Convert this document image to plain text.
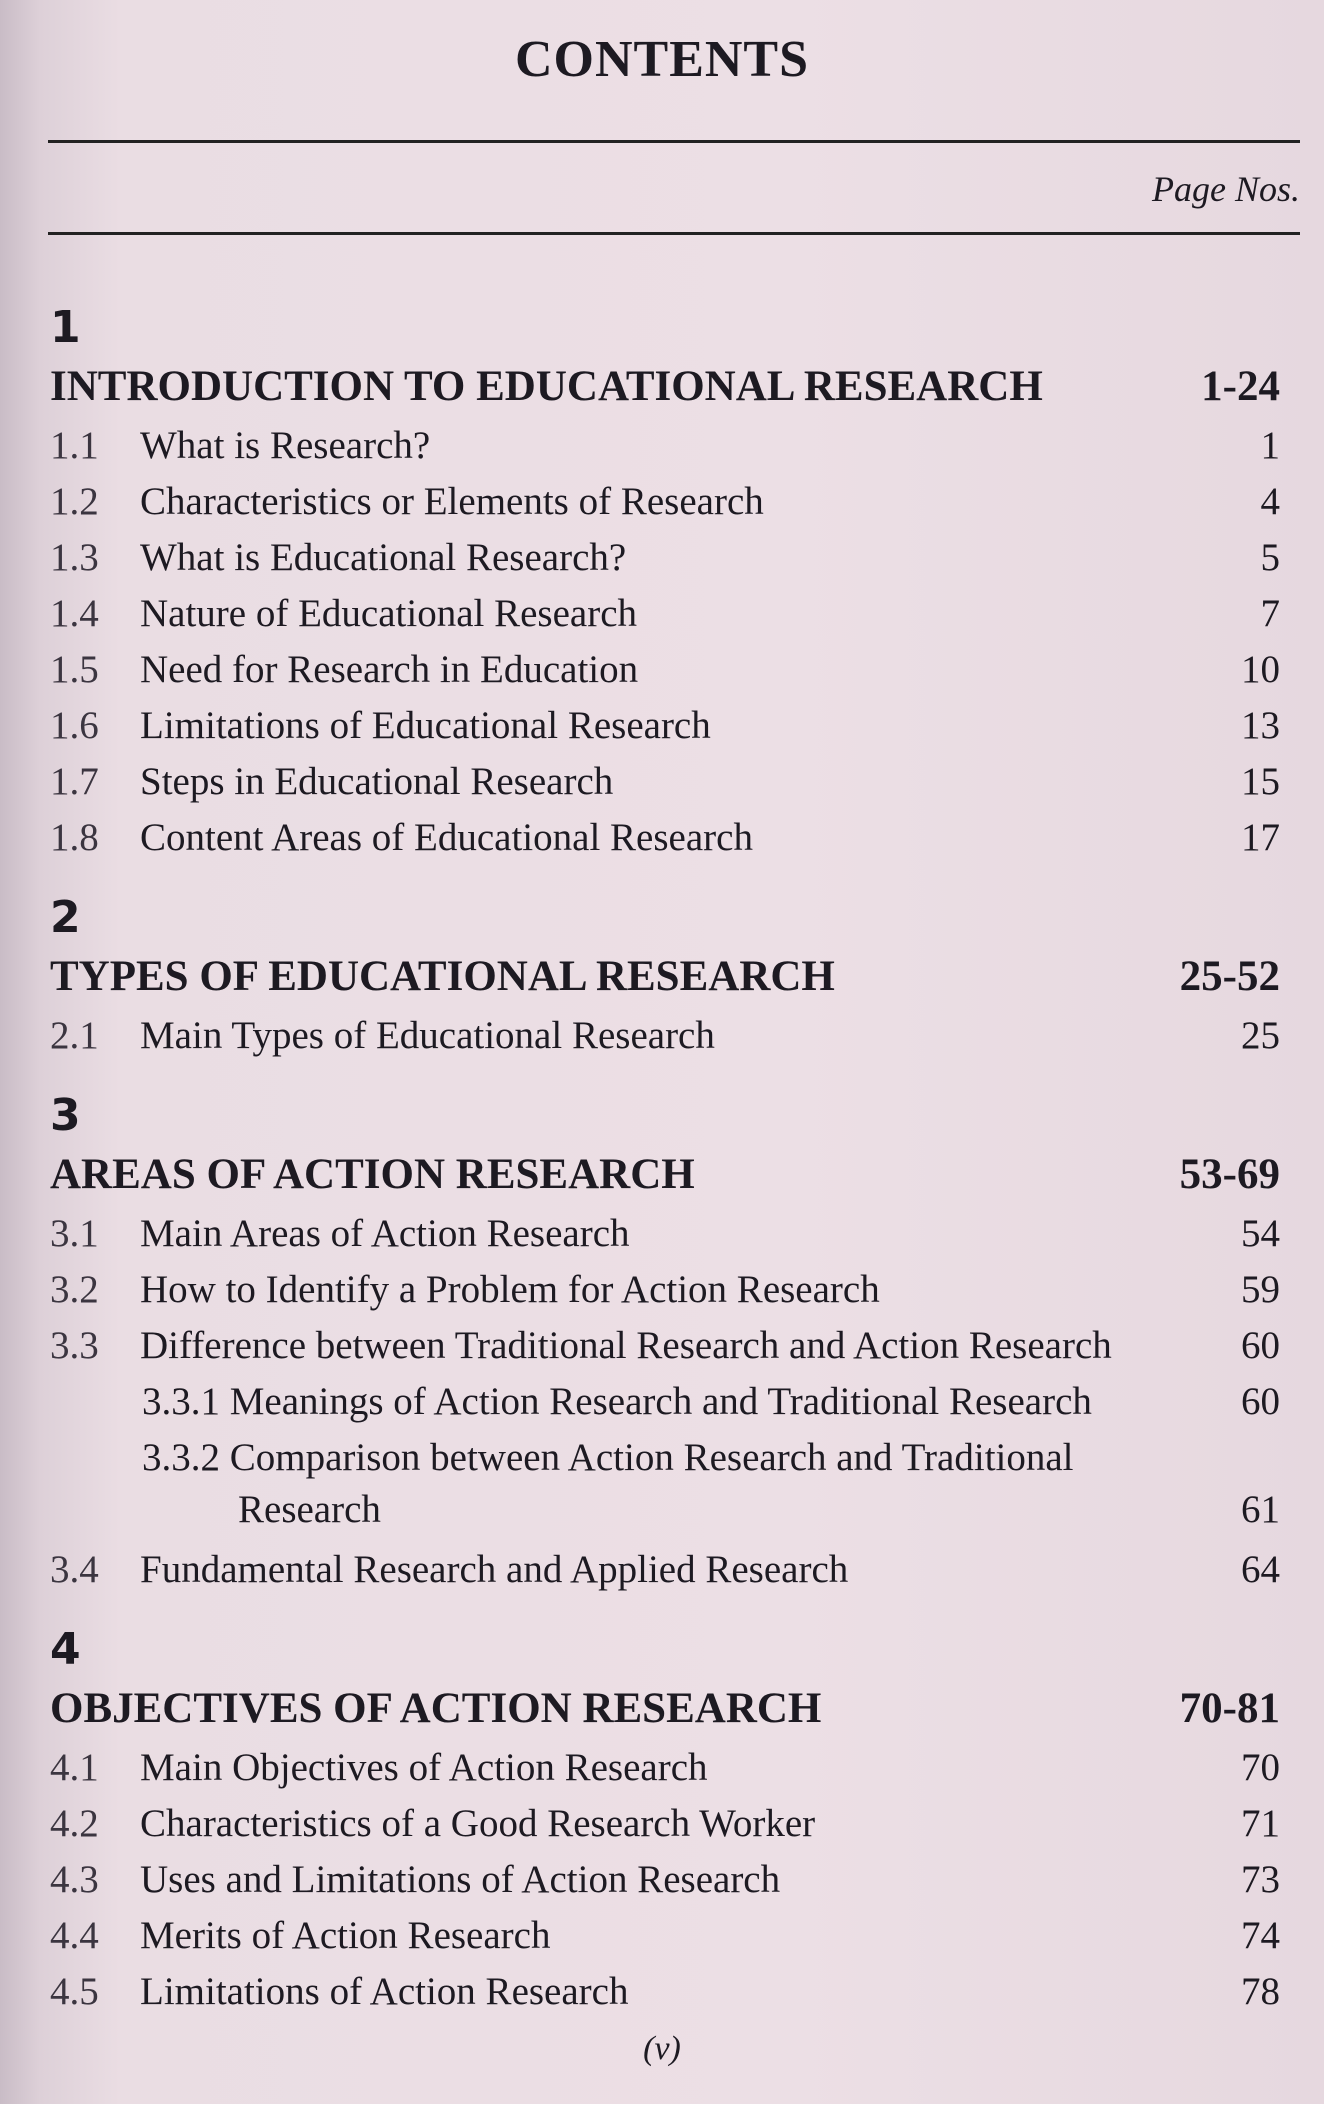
CONTENTS
Page Nos.
1
INTRODUCTION TO EDUCATIONAL RESEARCH	1-24
1.1 What is Research?	1
1.2 Characteristics or Elements of Research	4
1.3 What is Educational Research?	5
1.4 Nature of Educational Research	7
1.5 Need for Research in Education	10
1.6 Limitations of Educational Research	13
1.7 Steps in Educational Research	15
1.8 Content Areas of Educational Research	17
2
TYPES OF EDUCATIONAL RESEARCH	25-52
2.1 Main Types of Educational Research	25
3
AREAS OF ACTION RESEARCH	53-69
3.1 Main Areas of Action Research	54
3.2 How to Identify a Problem for Action Research	59
3.3 Difference between Traditional Research and Action Research	60
3.3.1 Meanings of Action Research and Traditional Research	60
3.3.2 Comparison between Action Research and Traditional
Research	61
3.4 Fundamental Research and Applied Research	64
4
OBJECTIVES OF ACTION RESEARCH	70-81
4.1 Main Objectives of Action Research	70
4.2 Characteristics of a Good Research Worker	71
4.3 Uses and Limitations of Action Research	73
4.4 Merits of Action Research	74
4.5 Limitations of Action Research	78
(v)
